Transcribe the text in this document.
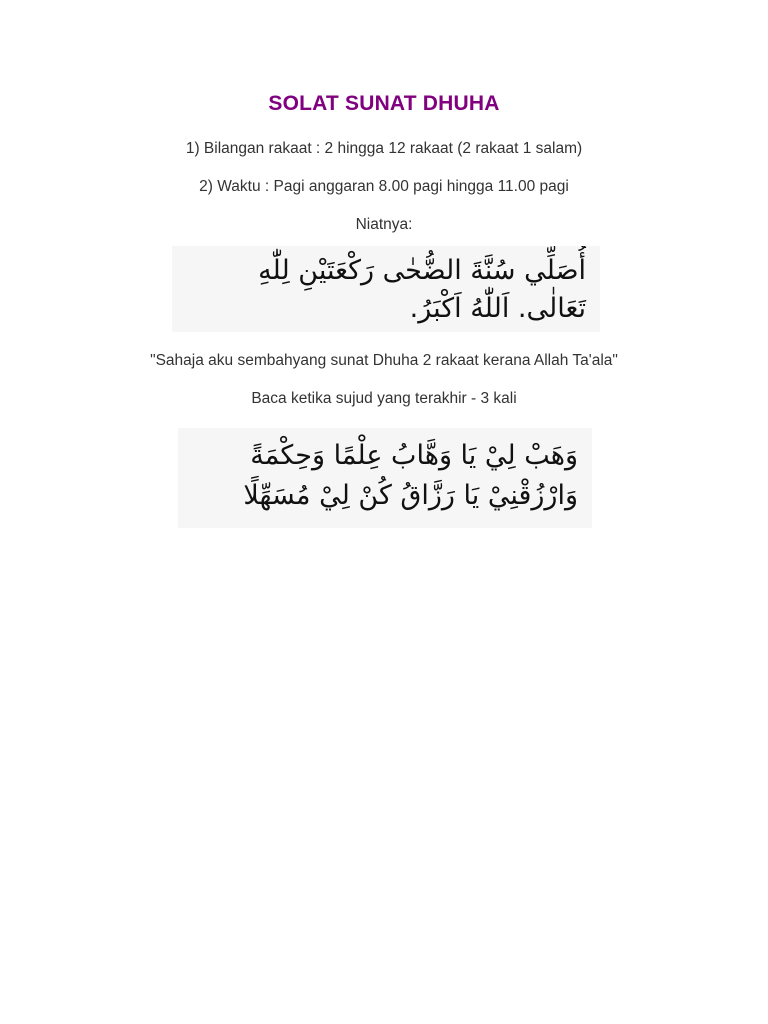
SOLAT SUNAT DHUHA
1) Bilangan rakaat : 2 hingga 12 rakaat (2 rakaat 1 salam)
2) Waktu : Pagi anggaran 8.00 pagi hingga 11.00 pagi
Niatnya:
أُصَلِّي سُنَّةَ الضُّحٰى رَكْعَتَيْنِ لِلّٰهِ تَعَالٰى. اَللّٰهُ اَكْبَرُ.
"Sahaja aku sembahyang sunat Dhuha 2 rakaat kerana Allah Ta'ala"
Baca ketika sujud yang terakhir - 3 kali
وَهَبْ لِيْ يَا وَهَّابُ عِلْمًا وَحِكْمَةً وَارْزُقْنِيْ يَا رَزَّاقُ كُنْ لِيْ مُسَهِّلًا
